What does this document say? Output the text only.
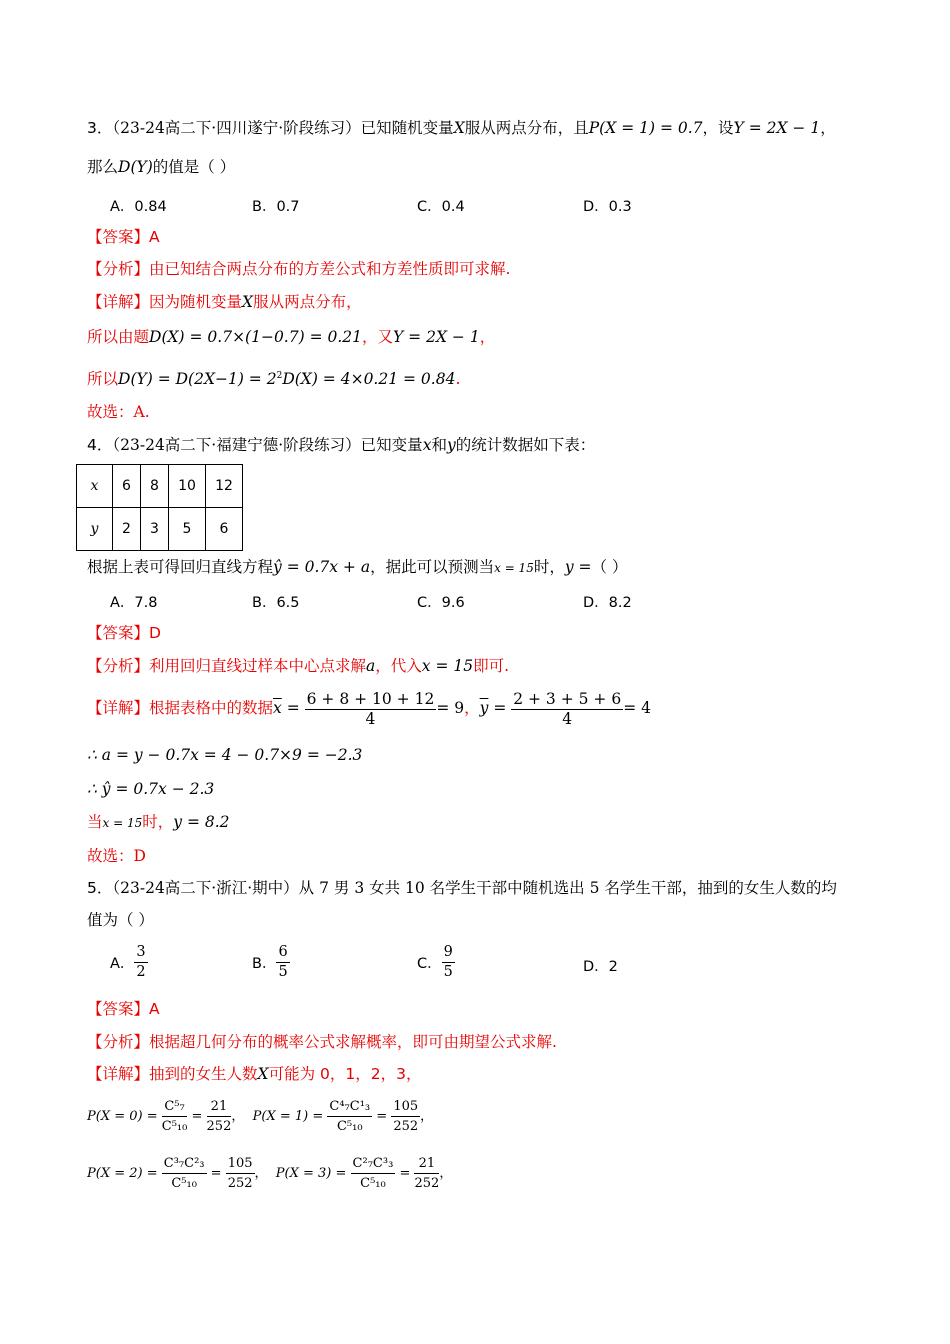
3．（23-24高二下·四川遂宁·阶段练习）已知随机变量X服从两点分布，且P(X = 1) = 0.7，设Y = 2X − 1，
那么D(Y)的值是（ ）
A．0.84	B．0.7	C．0.4	D．0.3
【答案】A
【分析】由已知结合两点分布的方差公式和方差性质即可求解.
【详解】因为随机变量X服从两点分布，
所以由题D(X) = 0.7×(1−0.7) = 0.21，又Y = 2X − 1，
所以$D(Y) = D(2X-1) = 2^2D(X) = 4\times 0.21 = 0.84$.
故选：A.
4．（23-24高二下·福建宁德·阶段练习）已知变量x和y的统计数据如下表：
x	6	8	10	12
y	2	3	5	6
根据上表可得回归直线方程ŷ = 0.7x + a，据此可以预测当x = 15时，y =（ ）
A．7.8	B．6.5	C．9.6	D．8.2
【答案】D
【分析】利用回归直线过样本中心点求解a，代入x = 15即可.
【详解】根据表格中的数据$\overline{x} = \frac{6 + 8 + 10 + 12}{4} = 9$，$\overline{y} = \frac{2 + 3 + 5 + 6}{4} = 4$
∴ a = y − 0.7x = 4 − 0.7×9 = −2.3
∴ ŷ = 0.7x − 2.3
当x = 15时，y = 8.2
故选：D
5．（23-24高二下·浙江·期中）从 7 男 3 女共 10 名学生干部中随机选出 5 名学生干部，抽到的女生人数的均
值为（ ）
A． $\frac{3}{2}$	B． $\frac{6}{5}$	C． $\frac{9}{5}$	D．2
【答案】A
【分析】根据超几何分布的概率公式求解概率，即可由期望公式求解.
【详解】抽到的女生人数X可能为 0，1，2，3，
$P(X = 0) = \frac{\text{C⁵₇}}{\text{C⁵₁₀}} = \frac{21}{252}$ ， $P(X = 1) = \frac{\text{C⁴₇C¹₃}}{\text{C⁵₁₀}} = \frac{105}{252}$ ，
$P(X = 2) = \frac{\text{C³₇C²₃}}{\text{C⁵₁₀}} = \frac{105}{252}$ ， $P(X = 3) = \frac{\text{C²₇C³₃}}{\text{C⁵₁₀}} = \frac{21}{252}$ ，
